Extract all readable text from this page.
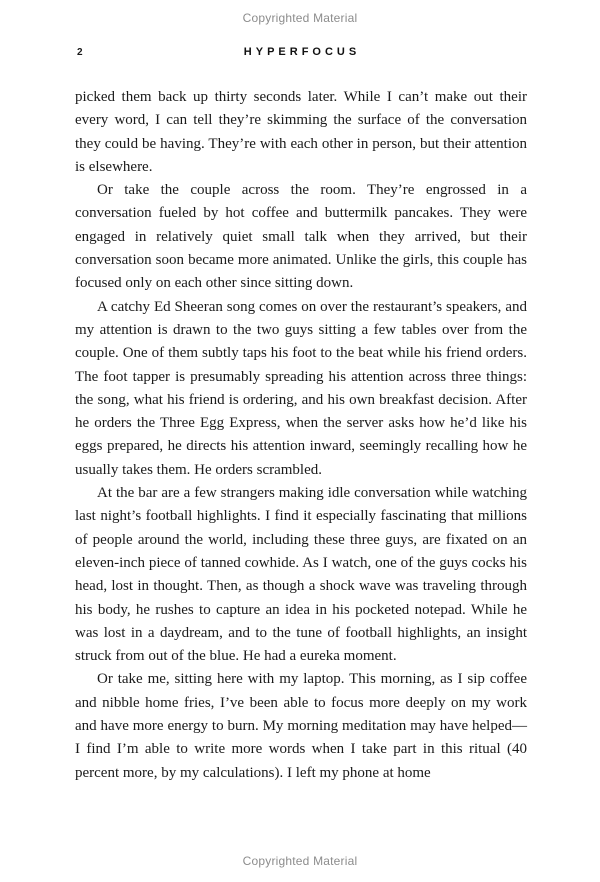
Copyrighted Material
2	HYPERFOCUS

picked them back up thirty seconds later. While I can’t make out their every word, I can tell they’re skimming the surface of the conversation they could be having. They’re with each other in person, but their attention is elsewhere.

Or take the couple across the room. They’re engrossed in a conversation fueled by hot coffee and buttermilk pancakes. They were engaged in relatively quiet small talk when they arrived, but their conversation soon became more animated. Unlike the girls, this couple has focused only on each other since sitting down.

A catchy Ed Sheeran song comes on over the restaurant’s speakers, and my attention is drawn to the two guys sitting a few tables over from the couple. One of them subtly taps his foot to the beat while his friend orders. The foot tapper is presumably spreading his attention across three things: the song, what his friend is ordering, and his own breakfast decision. After he orders the Three Egg Express, when the server asks how he’d like his eggs prepared, he directs his attention inward, seemingly recalling how he usually takes them. He orders scrambled.

At the bar are a few strangers making idle conversation while watching last night’s football highlights. I find it especially fascinating that millions of people around the world, including these three guys, are fixated on an eleven-inch piece of tanned cowhide. As I watch, one of the guys cocks his head, lost in thought. Then, as though a shock wave was traveling through his body, he rushes to capture an idea in his pocketed notepad. While he was lost in a daydream, and to the tune of football highlights, an insight struck from out of the blue. He had a eureka moment.

Or take me, sitting here with my laptop. This morning, as I sip coffee and nibble home fries, I’ve been able to focus more deeply on my work and have more energy to burn. My morning meditation may have helped—I find I’m able to write more words when I take part in this ritual (40 percent more, by my calculations). I left my phone at home

Copyrighted Material
